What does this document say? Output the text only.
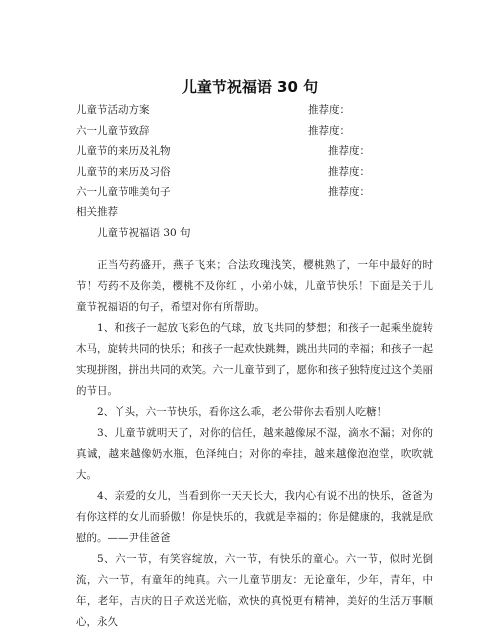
儿童节祝福语 30 句
儿童节活动方案	推荐度：
六一儿童节致辞	推荐度：
儿童节的来历及礼物	推荐度：
儿童节的来历及习俗	推荐度：
六一儿童节唯美句子	推荐度：
相关推荐
儿童节祝福语 30 句

正当芍药盛开，燕子飞来；合法玫瑰浅笑，樱桃熟了，一年中最好的时节！芍药不及你美，樱桃不及你红 ，小弟小妹，儿童节快乐！下面是关于儿童节祝福语的句子，希望对你有所帮助。

1、和孩子一起放飞彩色的气球，放飞共同的梦想；和孩子一起乘坐旋转木马，旋转共同的快乐；和孩子一起欢快跳舞，跳出共同的幸福；和孩子一起实现拼图，拼出共同的欢笑。六一儿童节到了，愿你和孩子独特度过这个美丽的节日。

2、丫头，六一节快乐，看你这么乖，老公带你去看别人吃糖！

3、儿童节就明天了，对你的信任，越来越像尿不湿，滴水不漏；对你的真诚，越来越像奶水瓶，色泽纯白；对你的牵挂，越来越像泡泡堂，吹吹就大。

4、亲爱的女儿，当看到你一天天长大，我内心有说不出的快乐，爸爸为有你这样的女儿而骄傲！你是快乐的，我就是幸福的；你是健康的，我就是欣慰的。——尹佳爸爸

5、六一节，有笑容绽放，六一节，有快乐的童心。六一节，似时光倒流，六一节，有童年的纯真。六一儿童节朋友：无论童年，少年，青年，中年，老年，吉庆的日子欢送光临，欢快的真悦更有精神，美好的生活万事顺心，永久
